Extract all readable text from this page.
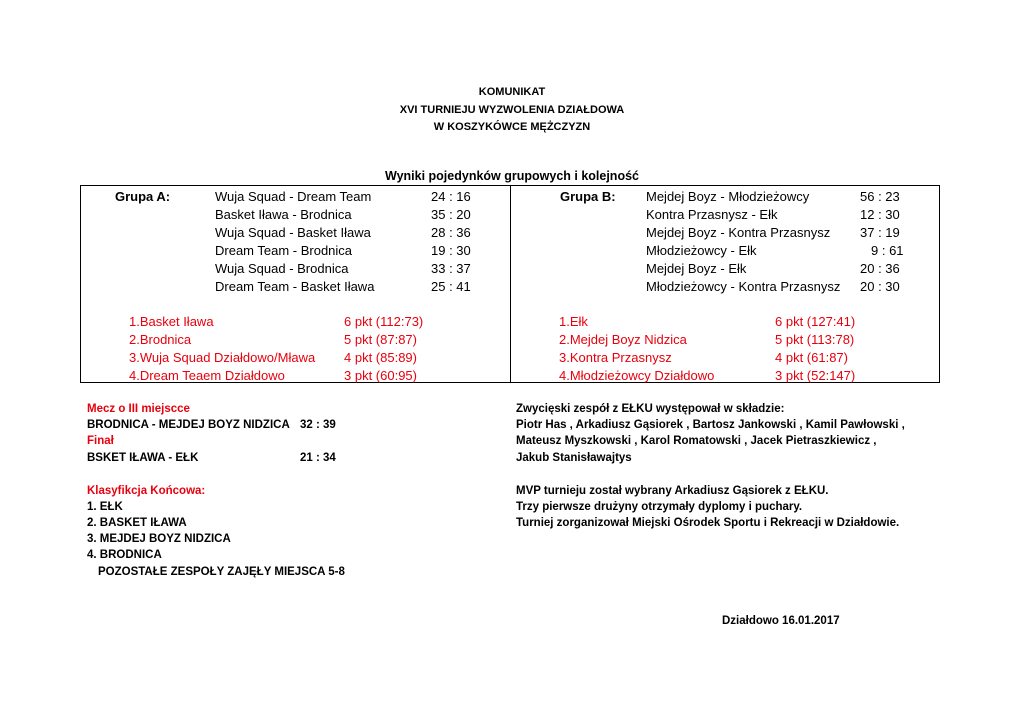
KOMUNIKAT
XVI TURNIEJU WYZWOLENIA DZIAŁDOWA
W KOSZYKÓWCE MĘŻCZYZN
Wyniki pojedynków grupowych i kolejność
Grupa A:	Wuja Squad - Dream Team	24 : 16
Basket Iława - Brodnica	35 : 20
Wuja Squad - Basket Iława	28 : 36
Dream Team - Brodnica	19 : 30
Wuja Squad - Brodnica	33 : 37
Dream Team - Basket Iława	25 : 41
1.Basket Iława	6 pkt (112:73)
2.Brodnica	5 pkt (87:87)
3.Wuja Squad Działdowo/Mława 4 pkt (85:89)
4.Dream Teaem Działdowo	3 pkt (60:95)
Grupa B: Mejdej Boyz - Młodzieżowcy	56 : 23
Kontra Przasnysz - Ełk	12 : 30
Mejdej Boyz - Kontra Przasnysz 37 : 19
Młodzieżowcy - Ełk	9 : 61
Mejdej Boyz - Ełk	20 : 36
Młodzieżowcy - Kontra Przasnysz 20 : 30
1.Ełk	6 pkt (127:41)
2.Mejdej Boyz Nidzica	5 pkt (113:78)
3.Kontra Przasnysz	4 pkt (61:87)
4.Młodzieżowcy Działdowo	3 pkt (52:147)
Mecz o III miejscce
BRODNICA - MEJDEJ BOYZ NIDZICA 32 : 39
Finał
BSKET IŁAWA - EŁK	21 : 34
Klasyfikcja Końcowa:
1. EŁK
2. BASKET IŁAWA
3. MEJDEJ BOYZ NIDZICA
4. BRODNICA
POZOSTAŁE ZESPOŁY ZAJĘŁY MIEJSCA 5-8
Zwycięski zespół z EŁKU występował w składzie:
Piotr Has , Arkadiusz Gąsiorek , Bartosz Jankowski , Kamil Pawłowski ,
Mateusz Myszkowski , Karol Romatowski , Jacek Pietraszkiewicz ,
Jakub Stanisławajtys
MVP turnieju został wybrany Arkadiusz Gąsiorek z EŁKU.
Trzy pierwsze drużyny otrzymały dyplomy i puchary.
Turniej zorganizował Miejski Ośrodek Sportu i Rekreacji w Działdowie.
Działdowo 16.01.2017
